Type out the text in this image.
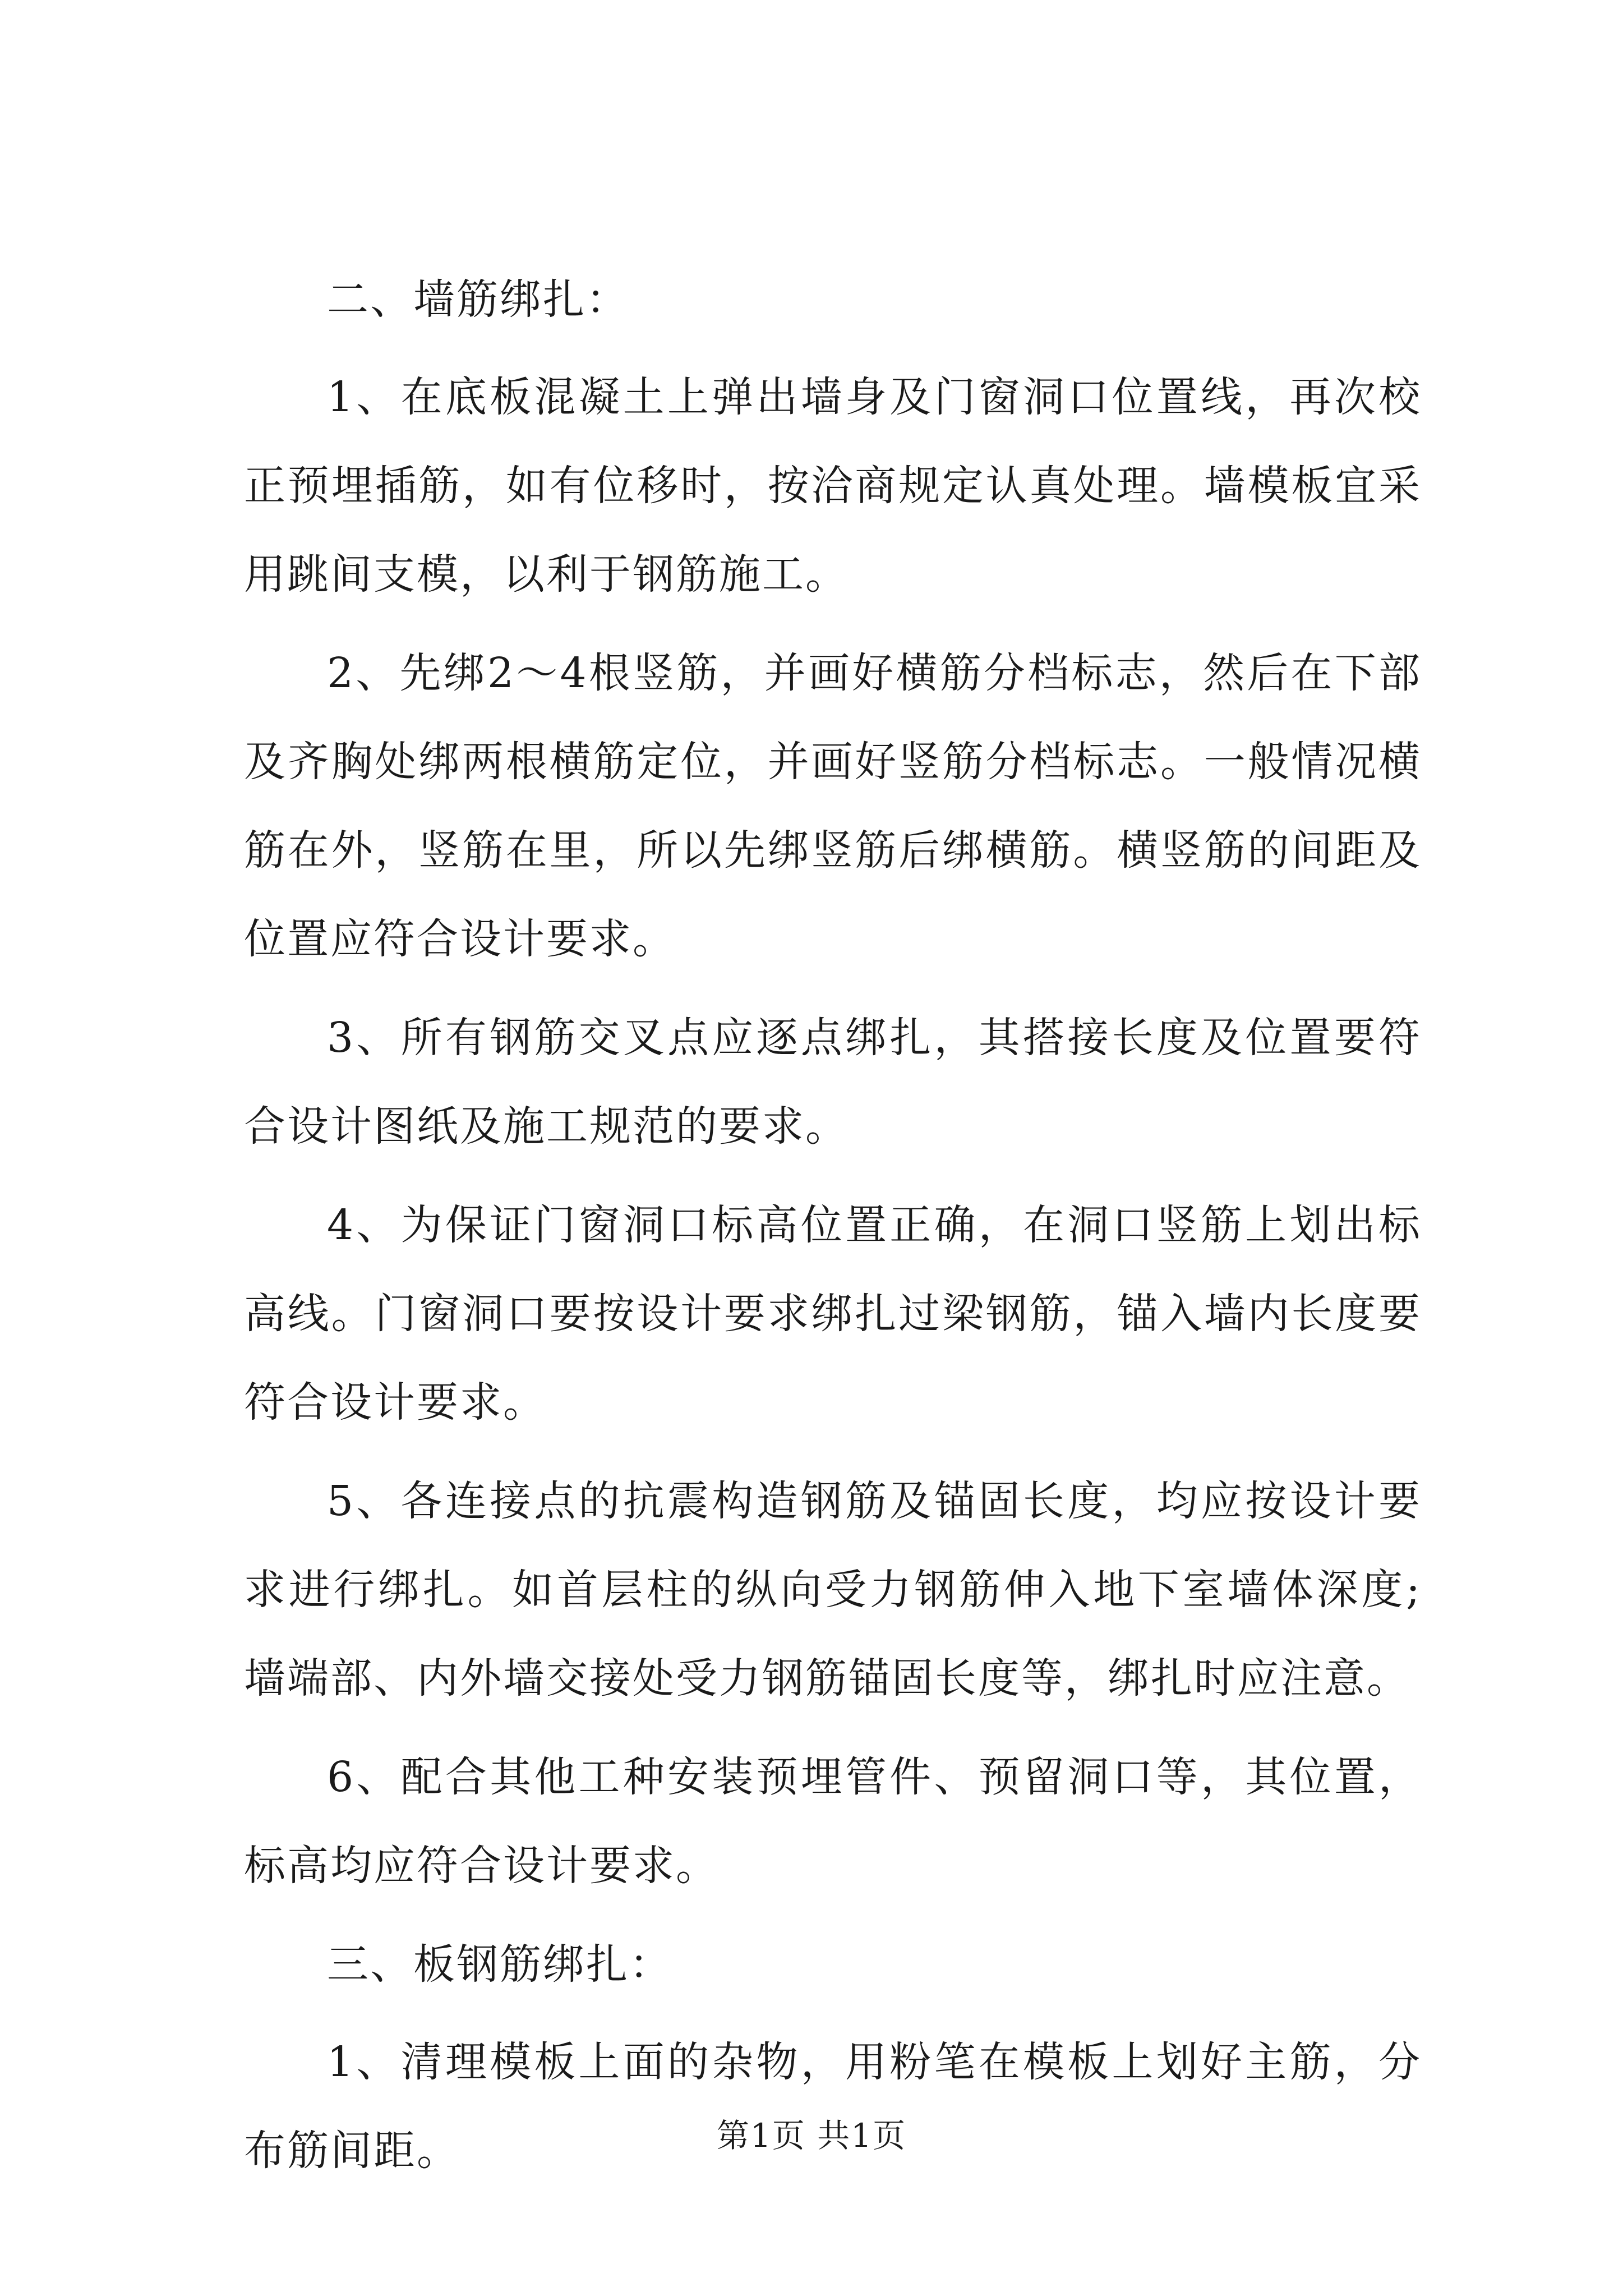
二、墙筋绑扎：

1、在底板混凝土上弹出墙身及门窗洞口位置线，再次校正预埋插筋，如有位移时，按洽商规定认真处理。墙模板宜采用跳间支模，以利于钢筋施工。

2、先绑2～4根竖筋，并画好横筋分档标志，然后在下部及齐胸处绑两根横筋定位，并画好竖筋分档标志。一般情况横筋在外，竖筋在里，所以先绑竖筋后绑横筋。横竖筋的间距及位置应符合设计要求。

3、所有钢筋交叉点应逐点绑扎，其搭接长度及位置要符合设计图纸及施工规范的要求。

4、为保证门窗洞口标高位置正确，在洞口竖筋上划出标高线。门窗洞口要按设计要求绑扎过梁钢筋，锚入墙内长度要符合设计要求。

5、各连接点的抗震构造钢筋及锚固长度，均应按设计要求进行绑扎。如首层柱的纵向受力钢筋伸入地下室墙体深度;墙端部、内外墙交接处受力钢筋锚固长度等，绑扎时应注意。

6、配合其他工种安装预埋管件、预留洞口等，其位置，标高均应符合设计要求。

三、板钢筋绑扎：

1、清理模板上面的杂物，用粉笔在模板上划好主筋，分布筋间距。	第1页 共1页
